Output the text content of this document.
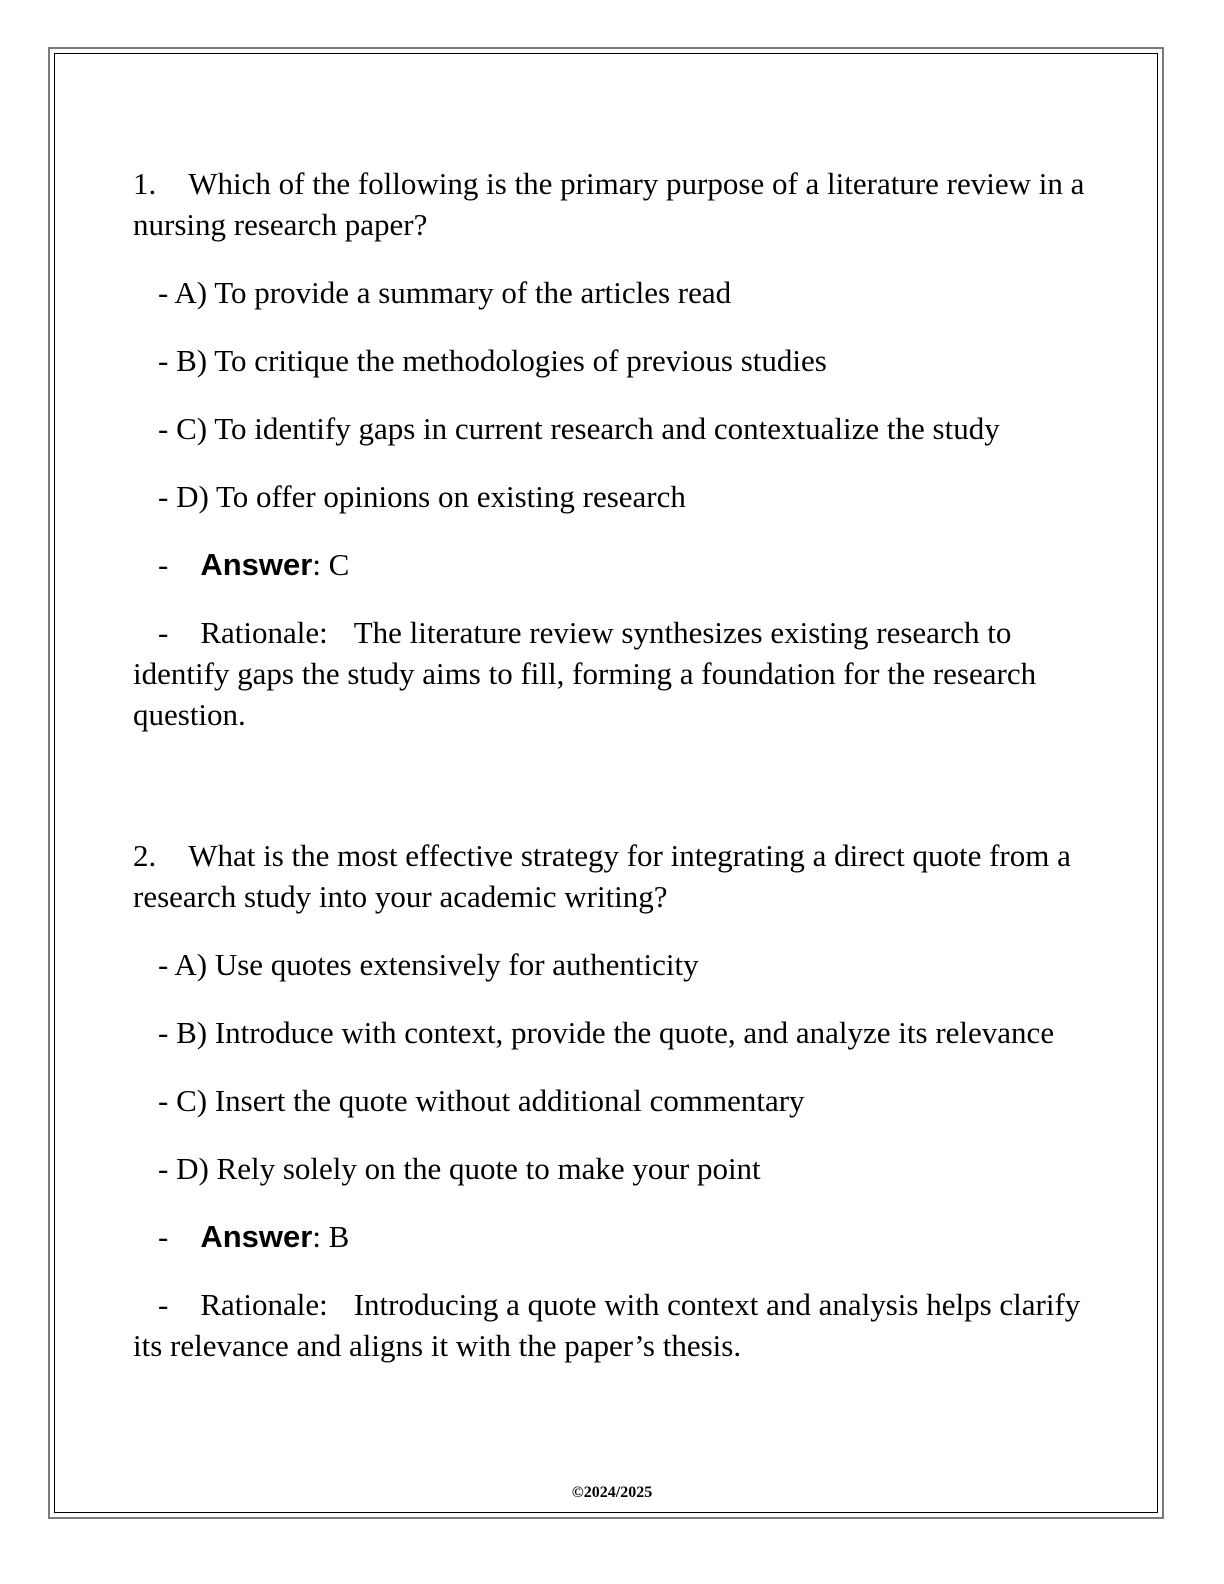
1. Which of the following is the primary purpose of a literature review in a nursing research paper?

- A) To provide a summary of the articles read

- B) To critique the methodologies of previous studies

- C) To identify gaps in current research and contextualize the study

- D) To offer opinions on existing research

- Answer: C

- Rationale: The literature review synthesizes existing research to identify gaps the study aims to fill, forming a foundation for the research question.

2. What is the most effective strategy for integrating a direct quote from a research study into your academic writing?

- A) Use quotes extensively for authenticity

- B) Introduce with context, provide the quote, and analyze its relevance

- C) Insert the quote without additional commentary

- D) Rely solely on the quote to make your point

- Answer: B

- Rationale: Introducing a quote with context and analysis helps clarify its relevance and aligns it with the paper’s thesis.

©2024/2025
